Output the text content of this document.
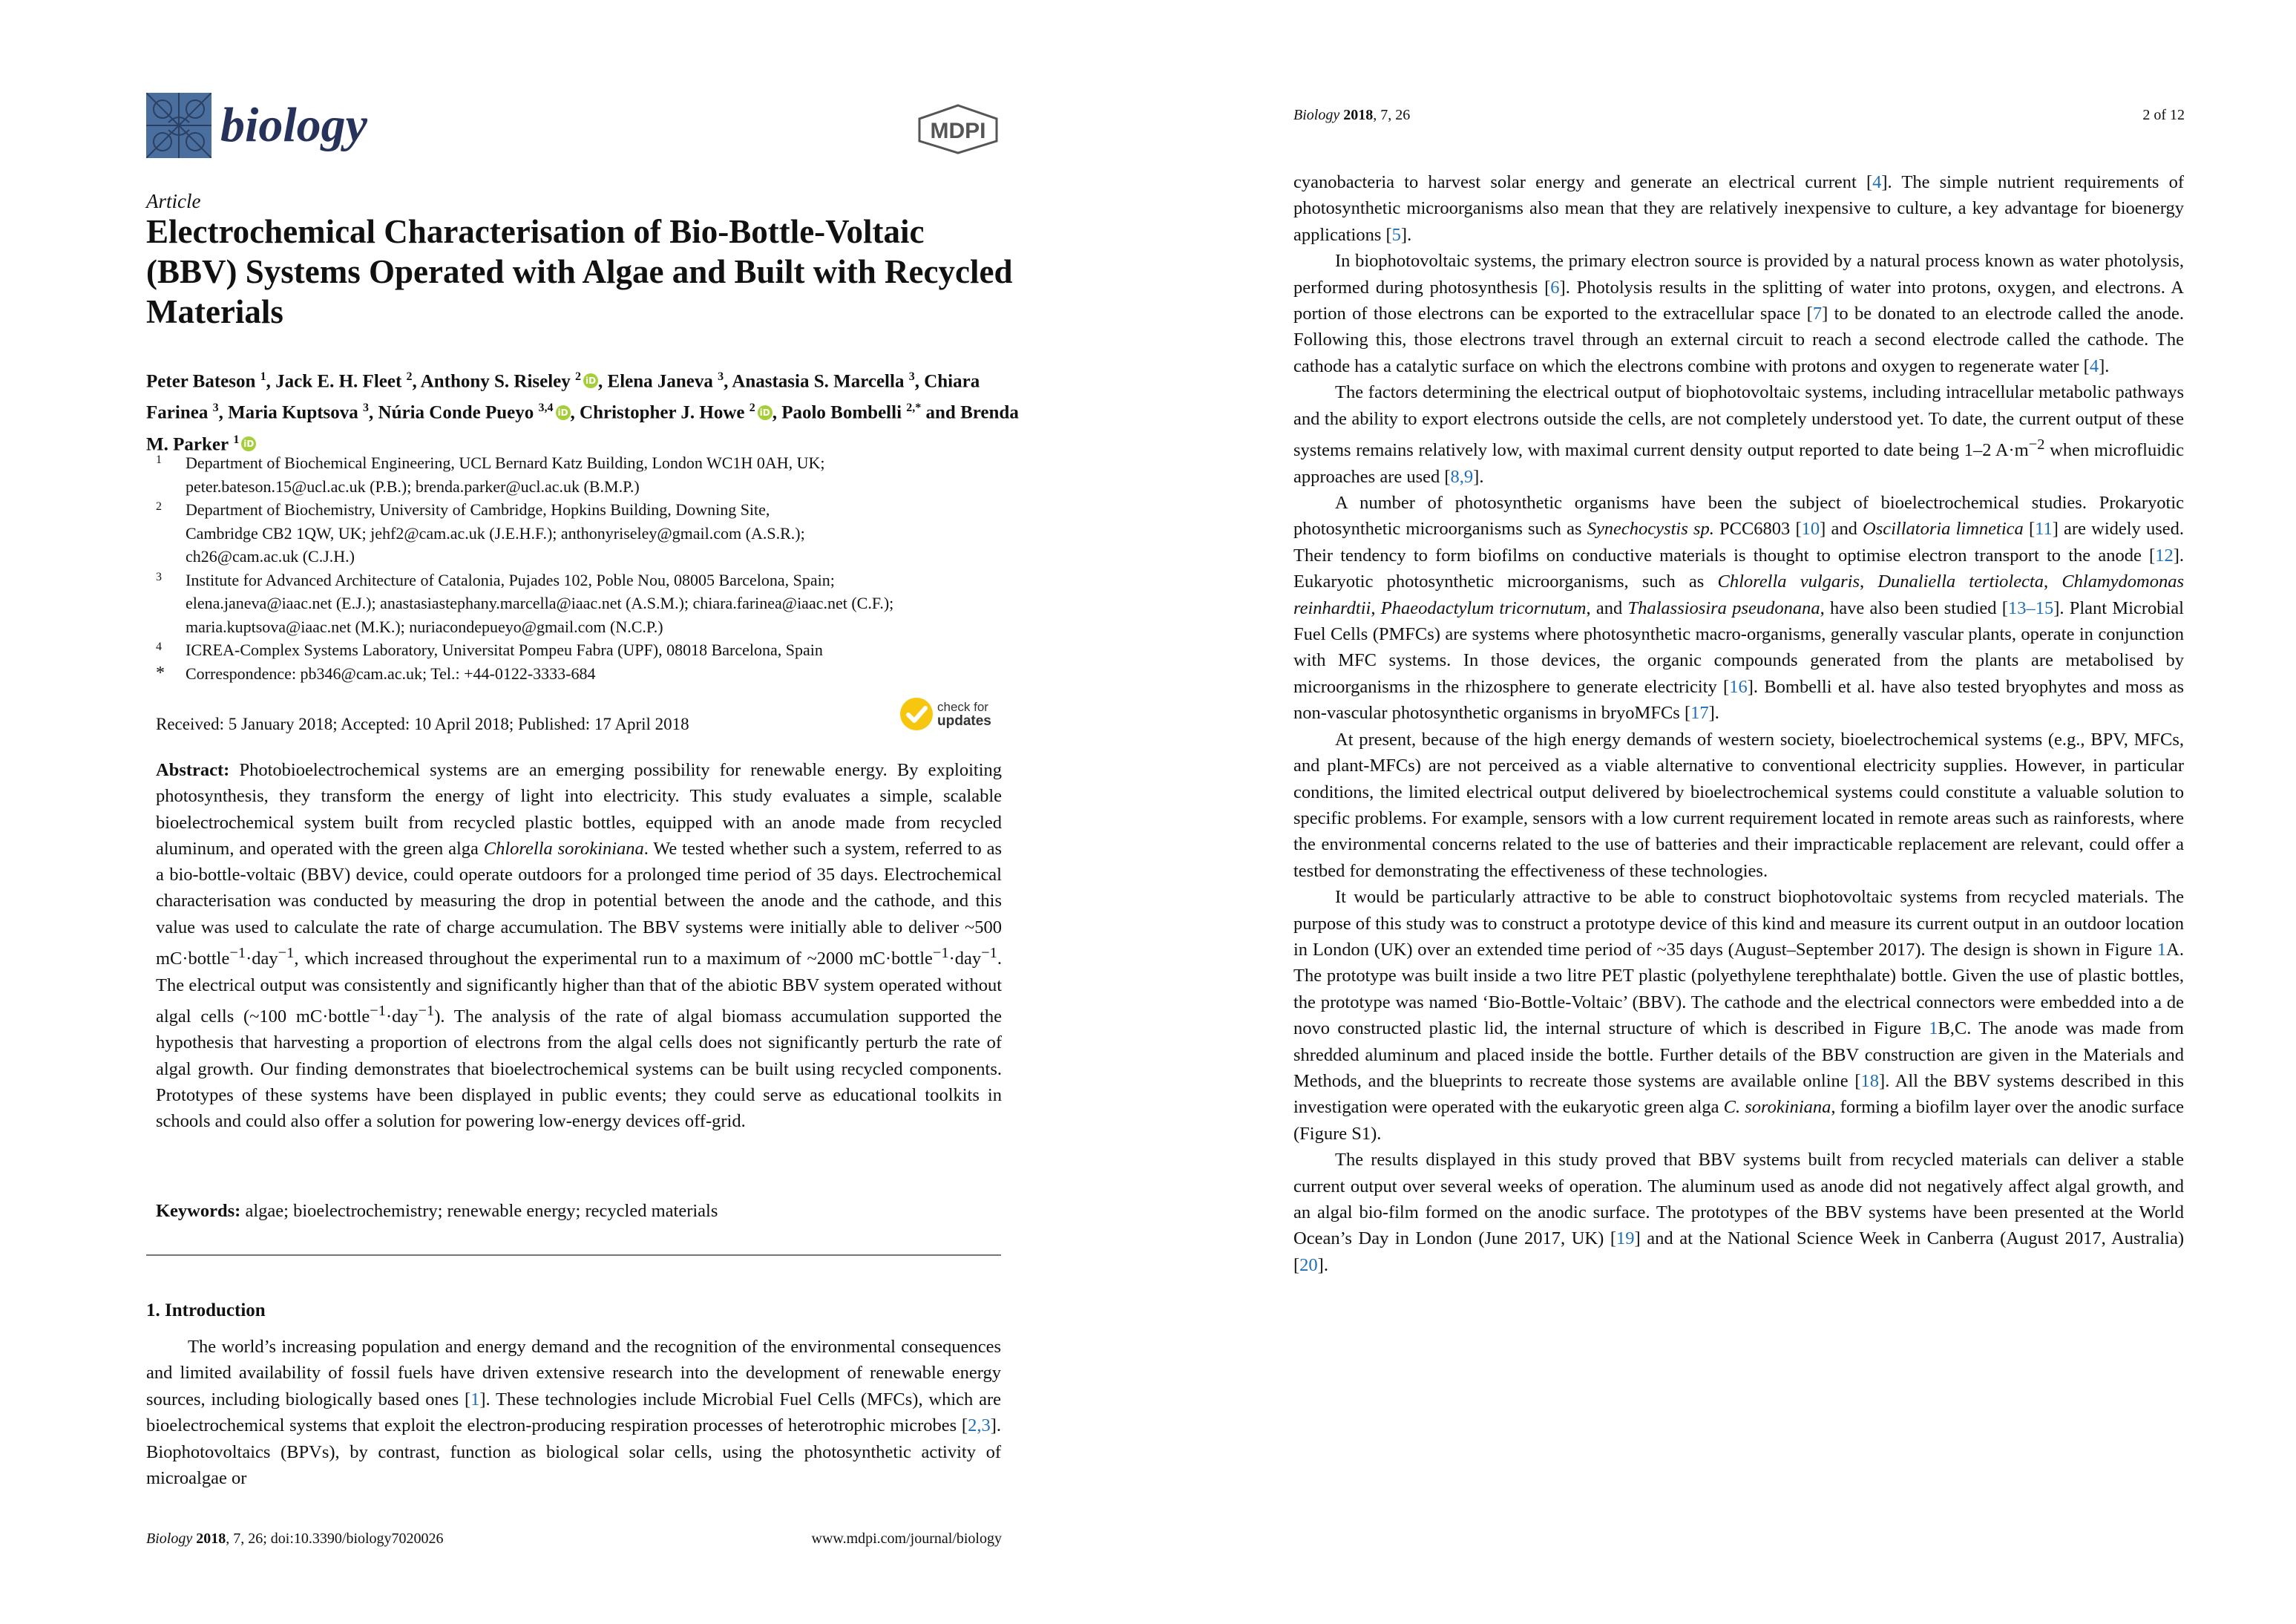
biology	MDPI
Article
Electrochemical Characterisation of Bio-Bottle-Voltaic (BBV) Systems Operated with Algae and Built with Recycled Materials
Peter Bateson $^1$, Jack E. H. Fleet $^2$, Anthony S. Riseley $^2$ iD , Elena Janeva $^3$, Anastasia S. Marcella $^3$, Chiara Farinea $^3$, Maria Kuptsova $^3$, Núria Conde Pueyo $^{3,4}$ iD , Christopher J. Howe $^2$ iD , Paolo Bombelli $^{2,*}$ and Brenda M. Parker $^1$ iD
1	Department of Biochemical Engineering, UCL Bernard Katz Building, London WC1H 0AH, UK;
peter.bateson.15@ucl.ac.uk (P.B.); brenda.parker@ucl.ac.uk (B.M.P.)
2	Department of Biochemistry, University of Cambridge, Hopkins Building, Downing Site,
Cambridge CB2 1QW, UK; jehf2@cam.ac.uk (J.E.H.F.); anthonyriseley@gmail.com (A.S.R.);
ch26@cam.ac.uk (C.J.H.)
3	Institute for Advanced Architecture of Catalonia, Pujades 102, Poble Nou, 08005 Barcelona, Spain;
elena.janeva@iaac.net (E.J.); anastasiastephany.marcella@iaac.net (A.S.M.); chiara.farinea@iaac.net (C.F.);
maria.kuptsova@iaac.net (M.K.); nuriacondepueyo@gmail.com (N.C.P.)
4	ICREA-Complex Systems Laboratory, Universitat Pompeu Fabra (UPF), 08018 Barcelona, Spain
*	Correspondence: pb346@cam.ac.uk; Tel.: +44-0122-3333-684
Received: 5 January 2018; Accepted: 10 April 2018; Published: 17 April 2018
check for
updates
Abstract: Photobioelectrochemical systems are an emerging possibility for renewable energy. By exploiting photosynthesis, they transform the energy of light into electricity. This study evaluates a simple, scalable bioelectrochemical system built from recycled plastic bottles, equipped with an anode made from recycled aluminum, and operated with the green alga Chlorella sorokiniana. We tested whether such a system, referred to as a bio-bottle-voltaic (BBV) device, could operate outdoors for a prolonged time period of 35 days. Electrochemical characterisation was conducted by measuring the drop in potential between the anode and the cathode, and this value was used to calculate the rate of charge accumulation. The BBV systems were initially able to deliver ~500 mC·bottle$^{-1}$·day$^{-1}$, which increased throughout the experimental run to a maximum of ~2000 mC·bottle$^{-1}$·day$^{-1}$. The electrical output was consistently and significantly higher than that of the abiotic BBV system operated without algal cells (~100 mC·bottle$^{-1}$·day$^{-1}$). The analysis of the rate of algal biomass accumulation supported the hypothesis that harvesting a proportion of electrons from the algal cells does not significantly perturb the rate of algal growth. Our finding demonstrates that bioelectrochemical systems can be built using recycled components. Prototypes of these systems have been displayed in public events; they could serve as educational toolkits in schools and could also offer a solution for powering low-energy devices off-grid.
Keywords: algae; bioelectrochemistry; renewable energy; recycled materials
1. Introduction

The world’s increasing population and energy demand and the recognition of the environmental consequences and limited availability of fossil fuels have driven extensive research into the development of renewable energy sources, including biologically based ones [1]. These technologies include Microbial Fuel Cells (MFCs), which are bioelectrochemical systems that exploit the electron-producing respiration processes of heterotrophic microbes [2,3]. Biophotovoltaics (BPVs), by contrast, function as biological solar cells, using the photosynthetic activity of microalgae or

Biology 2018, 7, 26; doi:10.3390/biology7020026	www.mdpi.com/journal/biology
Biology 2018, 7, 26	2 of 12

cyanobacteria to harvest solar energy and generate an electrical current [4]. The simple nutrient requirements of photosynthetic microorganisms also mean that they are relatively inexpensive to culture, a key advantage for bioenergy applications [5].

In biophotovoltaic systems, the primary electron source is provided by a natural process known as water photolysis, performed during photosynthesis [6]. Photolysis results in the splitting of water into protons, oxygen, and electrons. A portion of those electrons can be exported to the extracellular space [7] to be donated to an electrode called the anode. Following this, those electrons travel through an external circuit to reach a second electrode called the cathode. The cathode has a catalytic surface on which the electrons combine with protons and oxygen to regenerate water [4].

The factors determining the electrical output of biophotovoltaic systems, including intracellular metabolic pathways and the ability to export electrons outside the cells, are not completely understood yet. To date, the current output of these systems remains relatively low, with maximal current density output reported to date being 1–2 $A\cdot m^{-2}$ when microfluidic approaches are used [8,9].

A number of photosynthetic organisms have been the subject of bioelectrochemical studies. Prokaryotic photosynthetic microorganisms such as Synechocystis sp. PCC6803 [10] and Oscillatoria limnetica [11] are widely used. Their tendency to form biofilms on conductive materials is thought to optimise electron transport to the anode [12]. Eukaryotic photosynthetic microorganisms, such as Chlorella vulgaris, Dunaliella tertiolecta, Chlamydomonas reinhardtii, Phaeodactylum tricornutum, and Thalassiosira pseudonana, have also been studied [13–15]. Plant Microbial Fuel Cells (PMFCs) are systems where photosynthetic macro-organisms, generally vascular plants, operate in conjunction with MFC systems. In those devices, the organic compounds generated from the plants are metabolised by microorganisms in the rhizosphere to generate electricity [16]. Bombelli et al. have also tested bryophytes and moss as non-vascular photosynthetic organisms in bryoMFCs [17].

At present, because of the high energy demands of western society, bioelectrochemical systems (e.g., BPV, MFCs, and plant-MFCs) are not perceived as a viable alternative to conventional electricity supplies. However, in particular conditions, the limited electrical output delivered by bioelectrochemical systems could constitute a valuable solution to specific problems. For example, sensors with a low current requirement located in remote areas such as rainforests, where the environmental concerns related to the use of batteries and their impracticable replacement are relevant, could offer a testbed for demonstrating the effectiveness of these technologies.

It would be particularly attractive to be able to construct biophotovoltaic systems from recycled materials. The purpose of this study was to construct a prototype device of this kind and measure its current output in an outdoor location in London (UK) over an extended time period of ~35 days (August–September 2017). The design is shown in Figure 1A. The prototype was built inside a two litre PET plastic (polyethylene terephthalate) bottle. Given the use of plastic bottles, the prototype was named ‘Bio-Bottle-Voltaic’ (BBV). The cathode and the electrical connectors were embedded into a de novo constructed plastic lid, the internal structure of which is described in Figure 1B,C. The anode was made from shredded aluminum and placed inside the bottle. Further details of the BBV construction are given in the Materials and Methods, and the blueprints to recreate those systems are available online [18]. All the BBV systems described in this investigation were operated with the eukaryotic green alga C. sorokiniana, forming a biofilm layer over the anodic surface (Figure S1).

The results displayed in this study proved that BBV systems built from recycled materials can deliver a stable current output over several weeks of operation. The aluminum used as anode did not negatively affect algal growth, and an algal bio-film formed on the anodic surface. The prototypes of the BBV systems have been presented at the World Ocean’s Day in London (June 2017, UK) [19] and at the National Science Week in Canberra (August 2017, Australia) [20].
